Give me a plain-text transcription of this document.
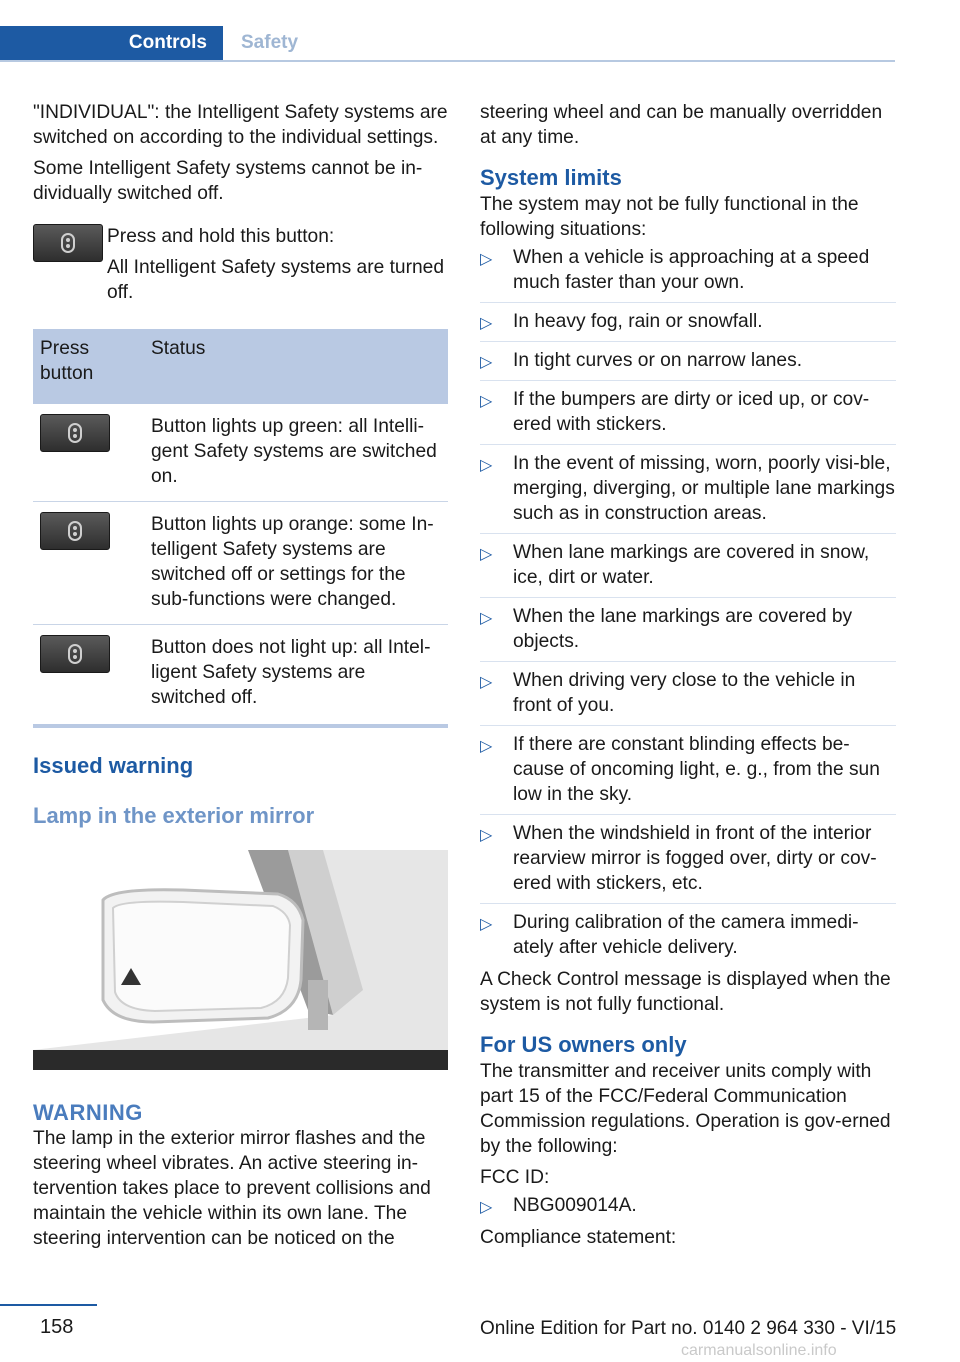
Controls	Safety

"INDIVIDUAL": the Intelligent Safety systems are switched on according to the individual settings.

Some Intelligent Safety systems cannot be in‐dividually switched off.

Press and hold this button:

All Intelligent Safety systems are turned off.

Press button	Status

	Button lights up green: all Intelli‐gent Safety systems are switched on.

	Button lights up orange: some In‐telligent Safety systems are switched off or settings for the sub-functions were changed.

	Button does not light up: all Intel‐ligent Safety systems are switched off.
Issued warning
Lamp in the exterior mirror
WARNING

The lamp in the exterior mirror flashes and the steering wheel vibrates. An active steering in‐tervention takes place to prevent collisions and maintain the vehicle within its own lane. The steering intervention can be noticed on the

steering wheel and can be manually overridden at any time.

System limits

The system may not be fully functional in the following situations:

▷ When a vehicle is approaching at a speed much faster than your own.
▷ In heavy fog, rain or snowfall.
▷ In tight curves or on narrow lanes.
▷ If the bumpers are dirty or iced up, or cov‐ered with stickers.
▷ In the event of missing, worn, poorly visi‐ble, merging, diverging, or multiple lane markings such as in construction areas.
▷ When lane markings are covered in snow, ice, dirt or water.
▷ When the lane markings are covered by objects.
▷ When driving very close to the vehicle in front of you.
▷ If there are constant blinding effects be‐cause of oncoming light, e. g., from the sun low in the sky.
▷ When the windshield in front of the interior rearview mirror is fogged over, dirty or cov‐ered with stickers, etc.
▷ During calibration of the camera immedi‐ately after vehicle delivery.

A Check Control message is displayed when the system is not fully functional.

For US owners only

The transmitter and receiver units comply with part 15 of the FCC/Federal Communication Commission regulations. Operation is gov‐erned by the following:

FCC ID:

▷ NBG009014A.

Compliance statement:

158	Online Edition for Part no. 0140 2 964 330 - VI/15
carmanualsonline.info
